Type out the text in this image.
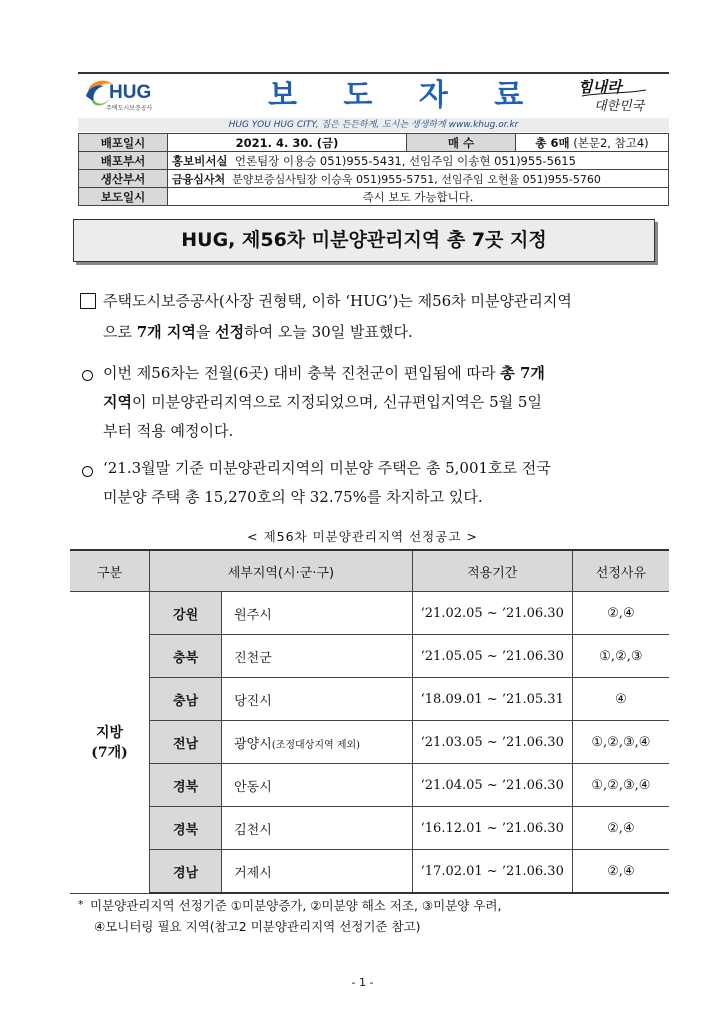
HUG
주택도시보증공사	보 도 자 료 힘내라
대한민국
HUG YOU HUG CITY, 집은 든든하게, 도시는 생생하게 www.khug.or.kr
배포일시	2021. 4. 30. (금)	매 수	총 6매 (본문2, 참고4)
배포부서	홍보비서실 언론팀장 이용승 051)955-5431, 선임주임 이송현 051)955-5615		
생산부서	금융심사처 분양보증심사팀장 이승욱 051)955-5751, 선임주임 오현율 051)955-5760		
보도일시	즉시 보도 가능합니다.		
HUG, 제56차 미분양관리지역 총 7곳 지정
주택도시보증공사(사장 권형택, 이하 ‘HUG’)는 제56차 미분양관리지역
으로 7개 지역을 선정하여 오늘 30일 발표했다.
이번 제56차는 전월(6곳) 대비 충북 진천군이 편입됨에 따라 총 7개
지역이 미분양관리지역으로 지정되었으며, 신규편입지역은 5월 5일
부터 적용 예정이다.
‘21.3월말 기준 미분양관리지역의 미분양 주택은 총 5,001호로 전국
미분양 주택 총 15,270호의 약 32.75%를 차지하고 있다.
< 제56차 미분양관리지역 선정공고 >
구분	세부지역(시·군·구)		적용기간	선정사유
지방
(7개)	강원	원주시	‘21.02.05 ~ ’21.06.30	②,④
	충북	진천군	‘21.05.05 ~ ’21.06.30	①,②,③
	충남	당진시	‘18.09.01 ~ ’21.05.31	④
	전남	광양시(조정대상지역 제외)	‘21.03.05 ~ ’21.06.30	①,②,③,④
	경북	안동시	‘21.04.05 ~ ’21.06.30	①,②,③,④
	경북	김천시	‘16.12.01 ~ ’21.06.30	②,④
	경남	거제시	‘17.02.01 ~ ’21.06.30	②,④
* 미분양관리지역 선정기준 ①미분양증가, ②미분양 해소 저조, ③미분양 우려,
④모니터링 필요 지역(참고2 미분양관리지역 선정기준 참고)
- 1 -
